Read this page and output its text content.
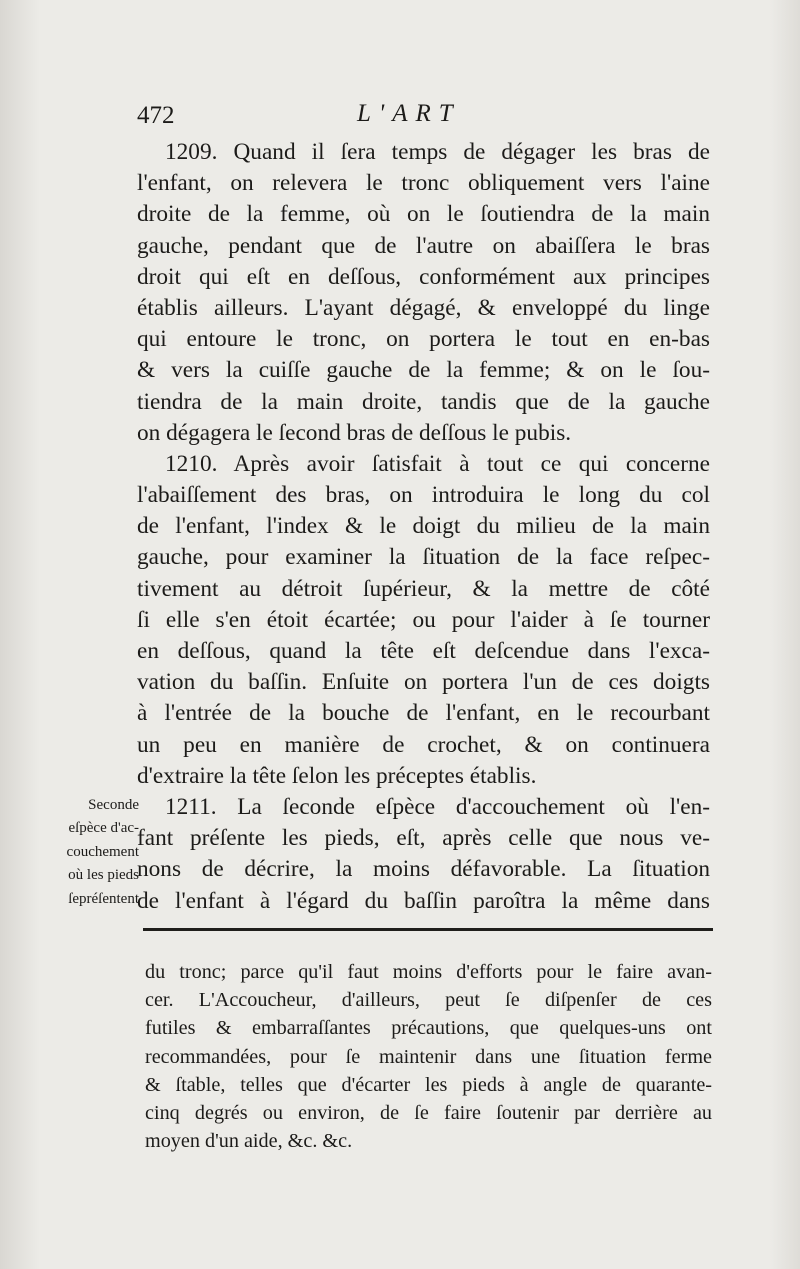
472	L'ART
1209. Quand il ſera temps de dégager les bras de
l'enfant, on relevera le tronc obliquement vers l'aine
droite de la femme, où on le ſoutiendra de la main
gauche, pendant que de l'autre on abaiſſera le bras
droit qui eſt en deſſous, conformément aux principes
établis ailleurs. L'ayant dégagé, & enveloppé du linge
qui entoure le tronc, on portera le tout en en-bas
& vers la cuiſſe gauche de la femme; & on le ſou-
tiendra de la main droite, tandis que de la gauche
on dégagera le ſecond bras de deſſous le pubis.
1210. Après avoir ſatisfait à tout ce qui concerne
l'abaiſſement des bras, on introduira le long du col
de l'enfant, l'index & le doigt du milieu de la main
gauche, pour examiner la ſituation de la face reſpec-
tivement au détroit ſupérieur, & la mettre de côté
ſi elle s'en étoit écartée; ou pour l'aider à ſe tourner
en deſſous, quand la tête eſt deſcendue dans l'exca-
vation du baſſin. Enſuite on portera l'un de ces doigts
à l'entrée de la bouche de l'enfant, en le recourbant
un peu en manière de crochet, & on continuera
d'extraire la tête ſelon les préceptes établis.
1211. La ſeconde eſpèce d'accouchement où l'en-
fant préſente les pieds, eſt, après celle que nous ve-
nons de décrire, la moins défavorable. La ſituation
de l'enfant à l'égard du baſſin paroîtra la même dans
Seconde
eſpèce d'ac-
couchement
où les pieds
ſepréſentent
du tronc; parce qu'il faut moins d'efforts pour le faire avan-
cer. L'Accoucheur, d'ailleurs, peut ſe diſpenſer de ces
futiles & embarraſſantes précautions, que quelques-uns ont
recommandées, pour ſe maintenir dans une ſituation ferme
& ſtable, telles que d'écarter les pieds à angle de quarante-
cinq degrés ou environ, de ſe faire ſoutenir par derrière au
moyen d'un aide, &c. &c.
